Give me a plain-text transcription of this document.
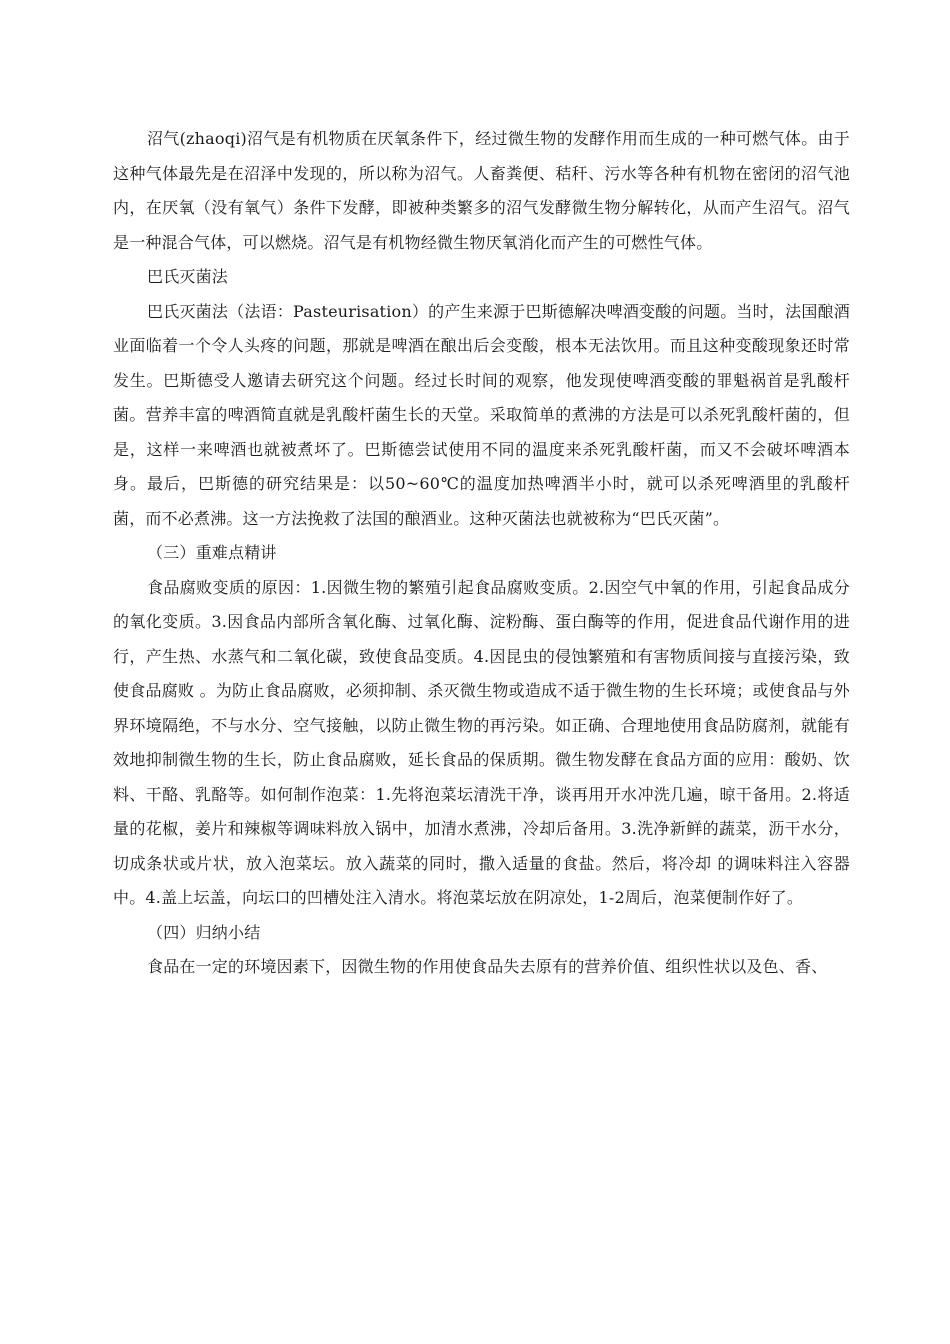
沼气(zhaoqi)沼气是有机物质在厌氧条件下，经过微生物的发酵作用而生成的一种可燃气体。由于这种气体最先是在沼泽中发现的，所以称为沼气。人畜粪便、秸秆、污水等各种有机物在密闭的沼气池内，在厌氧（没有氧气）条件下发酵，即被种类繁多的沼气发酵微生物分解转化，从而产生沼气。沼气是一种混合气体，可以燃烧。沼气是有机物经微生物厌氧消化而产生的可燃性气体。

巴氏灭菌法

巴氏灭菌法（法语：Pasteurisation）的产生来源于巴斯德解决啤酒变酸的问题。当时，法国酿酒业面临着一个令人头疼的问题，那就是啤酒在酿出后会变酸，根本无法饮用。而且这种变酸现象还时常发生。巴斯德受人邀请去研究这个问题。经过长时间的观察，他发现使啤酒变酸的罪魁祸首是乳酸杆菌。营养丰富的啤酒简直就是乳酸杆菌生长的天堂。采取简单的煮沸的方法是可以杀死乳酸杆菌的，但是，这样一来啤酒也就被煮坏了。巴斯德尝试使用不同的温度来杀死乳酸杆菌，而又不会破坏啤酒本身。最后，巴斯德的研究结果是：以50~60℃的温度加热啤酒半小时，就可以杀死啤酒里的乳酸杆菌，而不必煮沸。这一方法挽救了法国的酿酒业。这种灭菌法也就被称为“巴氏灭菌”。

（三）重难点精讲

食品腐败变质的原因：1.因微生物的繁殖引起食品腐败变质。2.因空气中氧的作用，引起食品成分的氧化变质。3.因食品内部所含氧化酶、过氧化酶、淀粉酶、蛋白酶等的作用，促进食品代谢作用的进行，产生热、水蒸气和二氧化碳，致使食品变质。4.因昆虫的侵蚀繁殖和有害物质间接与直接污染，致使食品腐败 。为防止食品腐败，必须抑制、杀灭微生物或造成不适于微生物的生长环境；或使食品与外界环境隔绝，不与水分、空气接触，以防止微生物的再污染。如正确、合理地使用食品防腐剂，就能有效地抑制微生物的生长，防止食品腐败，延长食品的保质期。微生物发酵在食品方面的应用：酸奶、饮料、干酪、乳酪等。如何制作泡菜：1.先将泡菜坛清洗干净，谈再用开水冲洗几遍，晾干备用。2.将适量的花椒，姜片和辣椒等调味料放入锅中，加清水煮沸，冷却后备用。3.洗净新鲜的蔬菜，沥干水分，切成条状或片状，放入泡菜坛。放入蔬菜的同时，撒入适量的食盐。然后，将冷却 的调味料注入容器中。4.盖上坛盖，向坛口的凹槽处注入清水。将泡菜坛放在阴凉处，1-2周后，泡菜便制作好了。

（四）归纳小结

食品在一定的环境因素下，因微生物的作用使食品失去原有的营养价值、组织性状以及色、香、
